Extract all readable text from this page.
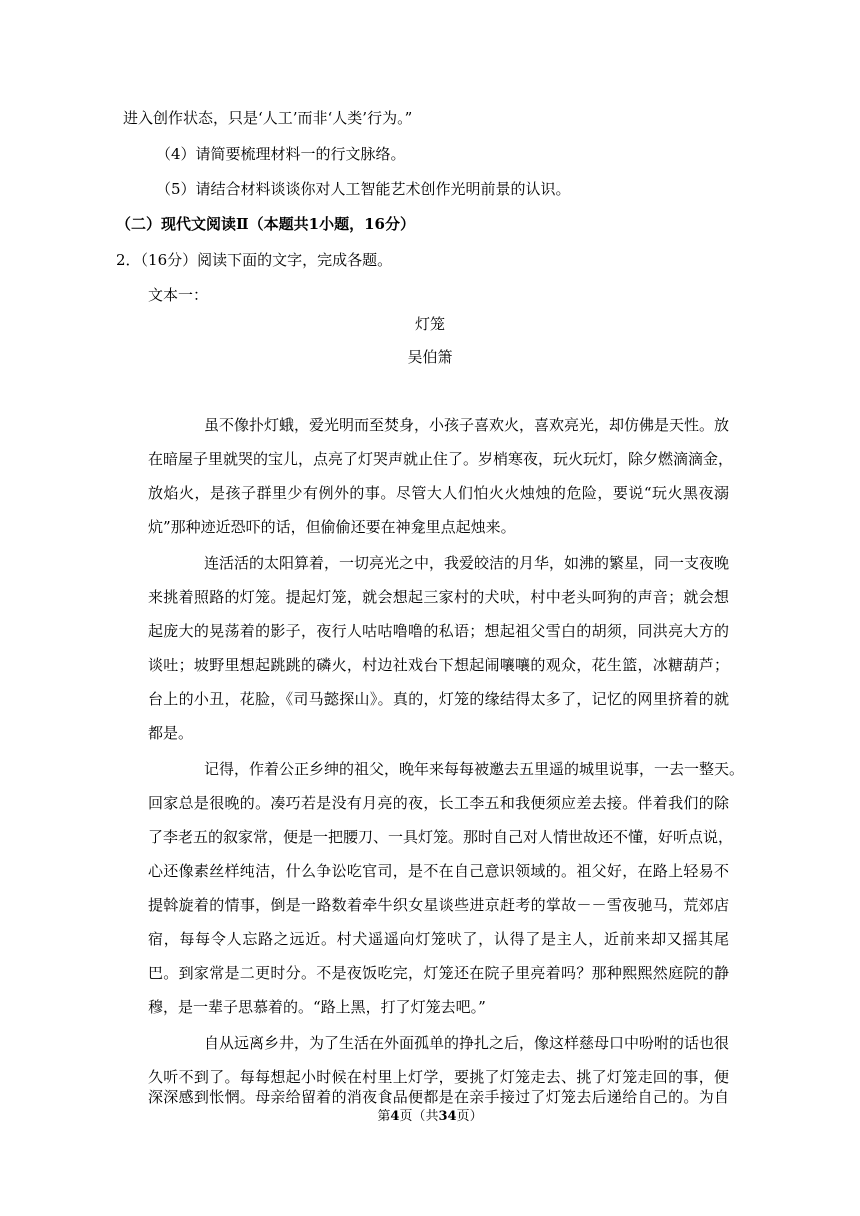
进入创作状态，只是‘人工’而非‘人类’行为。”
（4）请简要梳理材料一的行文脉络。
（5）请结合材料谈谈你对人工智能艺术创作光明前景的认识。
（二）现代文阅读Ⅱ（本题共1小题，16分）
2．（16分）阅读下面的文字，完成各题。
文本一：
灯笼
吴伯箫
虽不像扑灯蛾，爱光明而至焚身，小孩子喜欢火，喜欢亮光，却仿佛是天性。放
在暗屋子里就哭的宝儿，点亮了灯哭声就止住了。岁梢寒夜，玩火玩灯，除夕燃滴滴金，
放焰火，是孩子群里少有例外的事。尽管大人们怕火火烛烛的危险，要说“玩火黑夜溺
炕”那种迹近恐吓的话，但偷偷还要在神龛里点起烛来。
连活活的太阳算着，一切亮光之中，我爱皎洁的月华，如沸的繁星，同一支夜晚
来挑着照路的灯笼。提起灯笼，就会想起三家村的犬吠，村中老头呵狗的声音；就会想
起庞大的晃荡着的影子，夜行人咕咕噜噜的私语；想起祖父雪白的胡须，同洪亮大方的
谈吐；坡野里想起跳跳的磷火，村边社戏台下想起闹嚷嚷的观众，花生篮，冰糖葫芦；
台上的小丑，花脸，《司马懿探山》。真的，灯笼的缘结得太多了，记忆的网里挤着的就
都是。
记得，作着公正乡绅的祖父，晚年来每每被邀去五里遥的城里说事，一去一整天。
回家总是很晚的。凑巧若是没有月亮的夜，长工李五和我便须应差去接。伴着我们的除
了李老五的叙家常，便是一把腰刀、一具灯笼。那时自己对人情世故还不懂，好听点说，
心还像素丝样纯洁，什么争讼吃官司，是不在自己意识领域的。祖父好，在路上轻易不
提斡旋着的情事，倒是一路数着牵牛织女星谈些进京赶考的掌故－－雪夜驰马，荒郊店
宿，每每令人忘路之远近。村犬遥遥向灯笼吠了，认得了是主人，近前来却又摇其尾
巴。到家常是二更时分。不是夜饭吃完，灯笼还在院子里亮着吗？那种熙熙然庭院的静
穆，是一辈子思慕着的。“路上黑，打了灯笼去吧。”
自从远离乡井，为了生活在外面孤单的挣扎之后，像这样慈母口中吩咐的话也很
久听不到了。每每想起小时候在村里上灯学，要挑了灯笼走去、挑了灯笼走回的事，便
深深感到怅惘。母亲给留着的消夜食品便都是在亲手接过了灯笼去后递给自己的。为自
第4页（共34页）
